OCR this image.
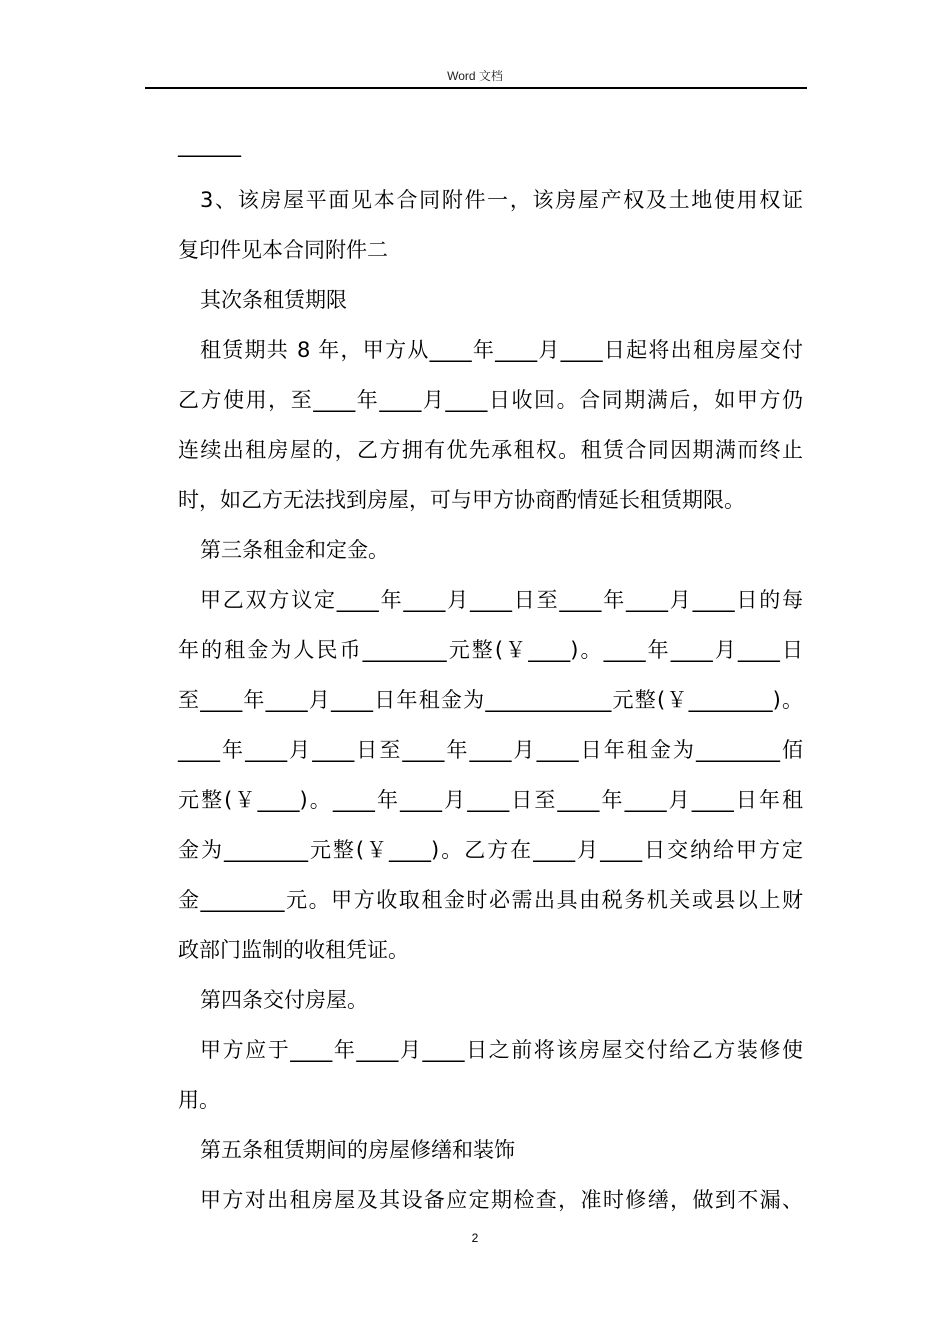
Word 文档
______
3、该房屋平面见本合同附件一，该房屋产权及土地使用权证
复印件见本合同附件二
其次条租赁期限
租赁期共 8 年，甲方从____年____月____日起将出租房屋交付
乙方使用，至____年____月____日收回。合同期满后，如甲方仍
连续出租房屋的，乙方拥有优先承租权。租赁合同因期满而终止
时，如乙方无法找到房屋，可与甲方协商酌情延长租赁期限。
第三条租金和定金。
甲乙双方议定____年____月____日至____年____月____日的每
年的租金为人民币________元整(￥____)。____年____月____日
至____年____月____日年租金为____________元整(￥________)。
____年____月____日至____年____月____日年租金为________佰
元整(￥____)。____年____月____日至____年____月____日年租
金为________元整(￥____)。乙方在____月____日交纳给甲方定
金________元。甲方收取租金时必需出具由税务机关或县以上财
政部门监制的收租凭证。
第四条交付房屋。
甲方应于____年____月____日之前将该房屋交付给乙方装修使
用。
第五条租赁期间的房屋修缮和装饰
甲方对出租房屋及其设备应定期检查，准时修缮，做到不漏、
2
